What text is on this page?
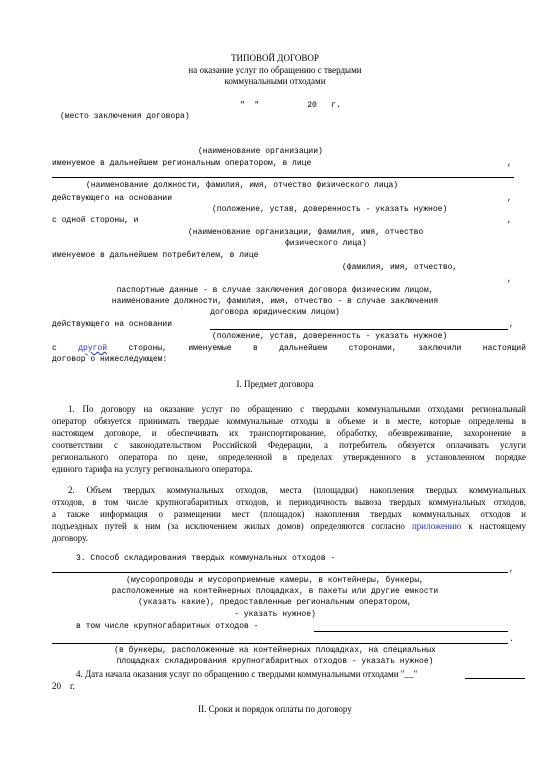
ТИПОВОЙ ДОГОВОР
на оказание услуг по обращению с твердыми
коммунальными отходами
"  "          20   г.
(место заключения договора)
(наименование организации)
именуемое в дальнейшем региональным оператором, в лице	,
(наименование должности, фамилия, имя, отчество физического лица)
действующего на основании	,
(положение, устав, доверенность - указать нужное)
с одной стороны, и	,
(наименование организации, фамилия, имя, отчество
физического лица)
именуемое в дальнейшем потребителем, в лице
(фамилия, имя, отчество,
,
паспортные данные - в случае заключения договора физическим лицом,
наименование должности, фамилия, имя, отчество - в случае заключения
договора юридическим лицом)
действующего на основании	,
(положение, устав, доверенность - указать нужное)
с	другой	стороны, именуемые в дальнейшем сторонами, заключили настоящий
договор о нижеследующем:
I. Предмет договора
1. По договору на оказание услуг по обращению с твердыми коммунальными отходами региональный
оператор обязуется принимать твердые коммунальные отходы в объеме и в месте, которые определены в
настоящем договоре, и обеспечивать их транспортирование, обработку, обезвреживание, захоронение в
соответствии с законодательством Российской Федерации, а потребитель обязуется оплачивать услуги
регионального оператора по цене, определенной в пределах утвержденного в установленном порядке
единого тарифа на услугу регионального оператора.
2. Объем твердых коммунальных отходов, места (площадки) накопления твердых коммунальных
отходов, в том числе крупногабаритных отходов, и периодичность вывоза твердых коммунальных отходов,
а также информация о размещении мест (площадок) накопления твердых коммунальных отходов и
подъездных путей к ним (за исключением жилых домов) определяются согласно приложению к настоящему
договору.
3. Способ складирования твердых коммунальных отходов -
,
(мусоропроводы и мусороприемные камеры, в контейнеры, бункеры,
расположенные на контейнерных площадках, в пакеты или другие емкости
(указать какие), предоставленные региональным оператором,
- указать нужное)
в том числе крупногабаритных отходов -
.
(в бункеры, расположенные на контейнерных площадках, на специальных
площадках складирования крупногабаритных отходов - указать нужное)
4. Дата начала оказания услуг по обращению с твердыми коммунальными отходами "__"
20    г.
II. Сроки и порядок оплаты по договору
